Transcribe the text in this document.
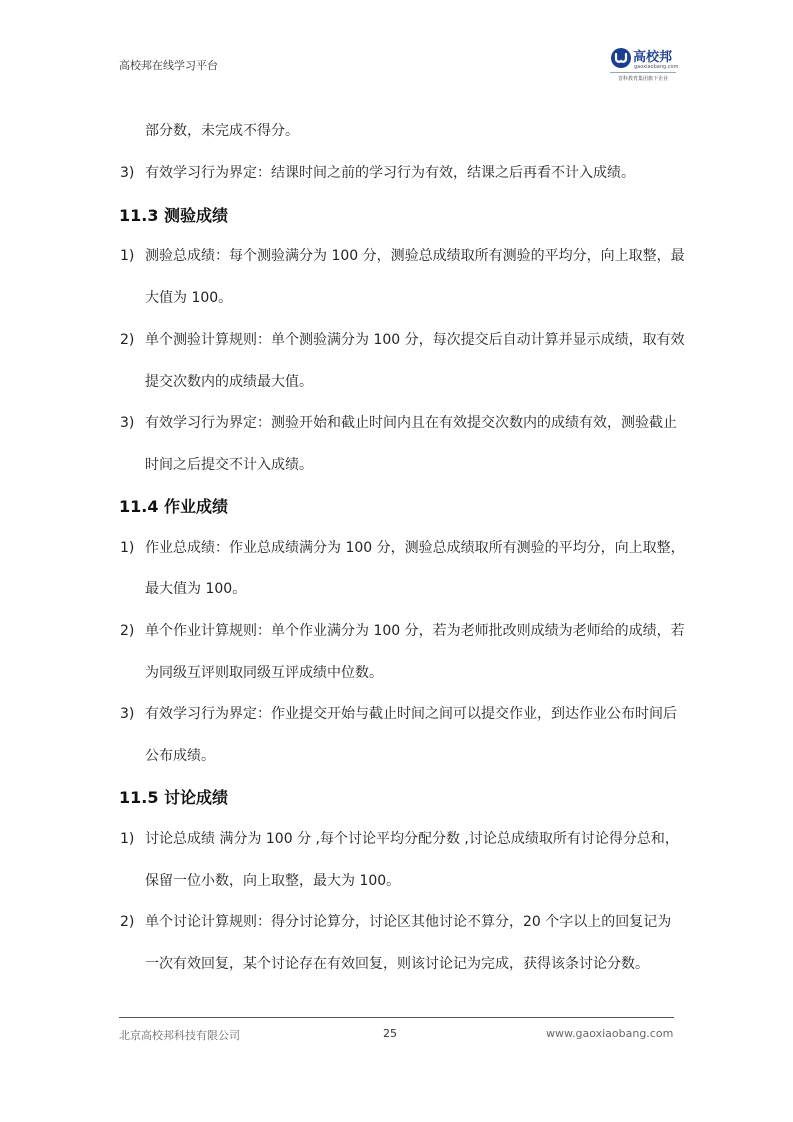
高校邦在线学习平台
高校邦
gaoxiaobang.com
晋科教育集团旗下企业
部分数，未完成不得分。
3) 有效学习行为界定：结课时间之前的学习行为有效，结课之后再看不计入成绩。
11.3 测验成绩
1) 测验总成绩：每个测验满分为 100 分，测验总成绩取所有测验的平均分，向上取整，最
大值为 100。
2) 单个测验计算规则：单个测验满分为 100 分，每次提交后自动计算并显示成绩，取有效
提交次数内的成绩最大值。
3) 有效学习行为界定：测验开始和截止时间内且在有效提交次数内的成绩有效，测验截止
时间之后提交不计入成绩。
11.4 作业成绩
1) 作业总成绩：作业总成绩满分为 100 分，测验总成绩取所有测验的平均分，向上取整，
最大值为 100。
2) 单个作业计算规则：单个作业满分为 100 分，若为老师批改则成绩为老师给的成绩，若
为同级互评则取同级互评成绩中位数。
3) 有效学习行为界定：作业提交开始与截止时间之间可以提交作业，到达作业公布时间后
公布成绩。
11.5 讨论成绩
1) 讨论总成绩 满分为 100 分 ,每个讨论平均分配分数 ,讨论总成绩取所有讨论得分总和，
保留一位小数，向上取整，最大为 100。
2) 单个讨论计算规则：得分讨论算分，讨论区其他讨论不算分，20 个字以上的回复记为
一次有效回复，某个讨论存在有效回复，则该讨论记为完成，获得该条讨论分数。
北京高校邦科技有限公司	25	www.gaoxiaobang.com
